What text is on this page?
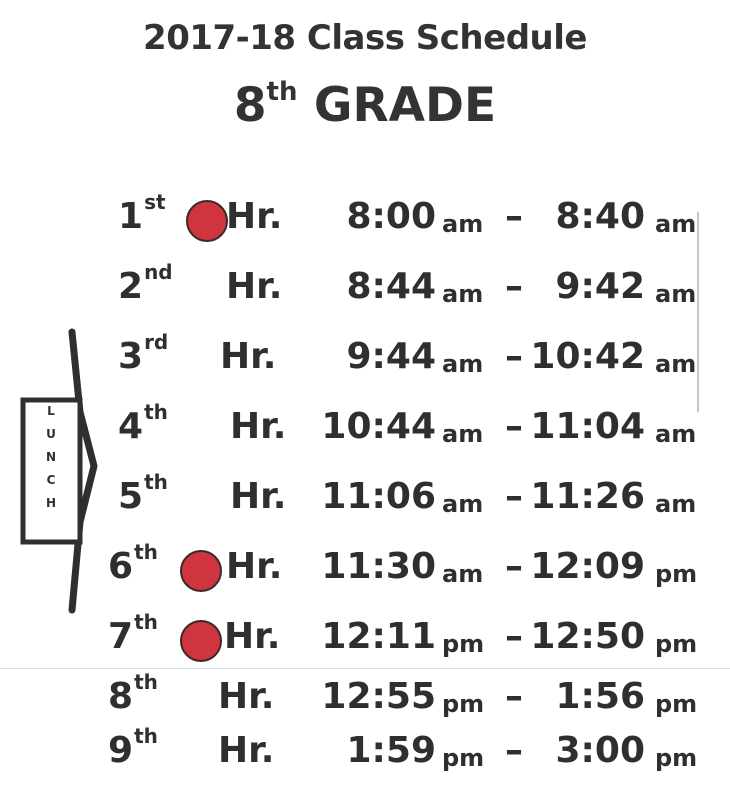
2017-18 Class Schedule
8th GRADE
L
U
N
C
H
1st Hr. 8:00 am – 8:40 am
2nd Hr. 8:44 am – 9:42 am
3rd Hr. 9:44 am – 10:42 am
4th Hr. 10:44 am – 11:04 am
5th Hr. 11:06 am – 11:26 am
6th Hr. 11:30 am – 12:09 pm
7th Hr. 12:11 pm – 12:50 pm
8th Hr. 12:55 pm – 1:56 pm
9th Hr. 1:59 pm – 3:00 pm
